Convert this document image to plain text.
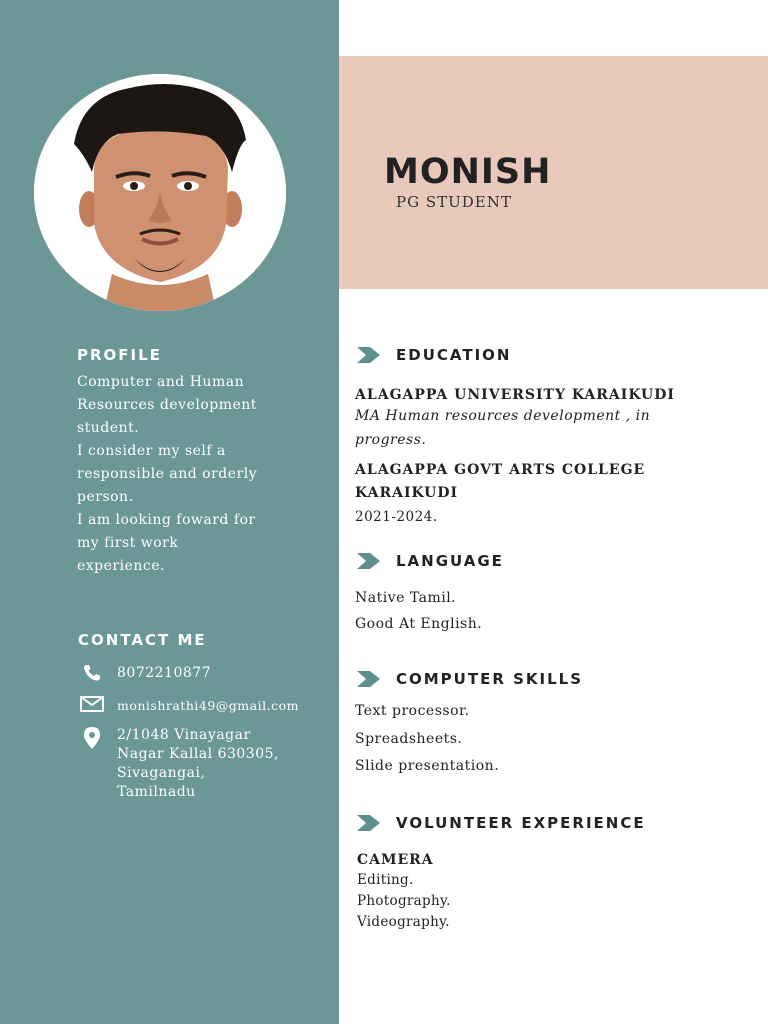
MONISH
PG STUDENT
PROFILE
Computer and Human
Resources development
student.
I consider my self a
responsible and orderly
person.
I am looking foward for
my first work
experience.
CONTACT ME
8072210877
monishrathi49@gmail.com
2/1048 Vinayagar
Nagar Kallal 630305,
Sivagangai,
Tamilnadu
EDUCATION
ALAGAPPA UNIVERSITY KARAIKUDI
MA Human resources development , in
progress.
ALAGAPPA GOVT ARTS COLLEGE
KARAIKUDI
2021-2024.
LANGUAGE
Native Tamil.
Good At English.
COMPUTER SKILLS
Text processor.
Spreadsheets.
Slide presentation.
VOLUNTEER EXPERIENCE
CAMERA
Editing.
Photography.
Videography.
